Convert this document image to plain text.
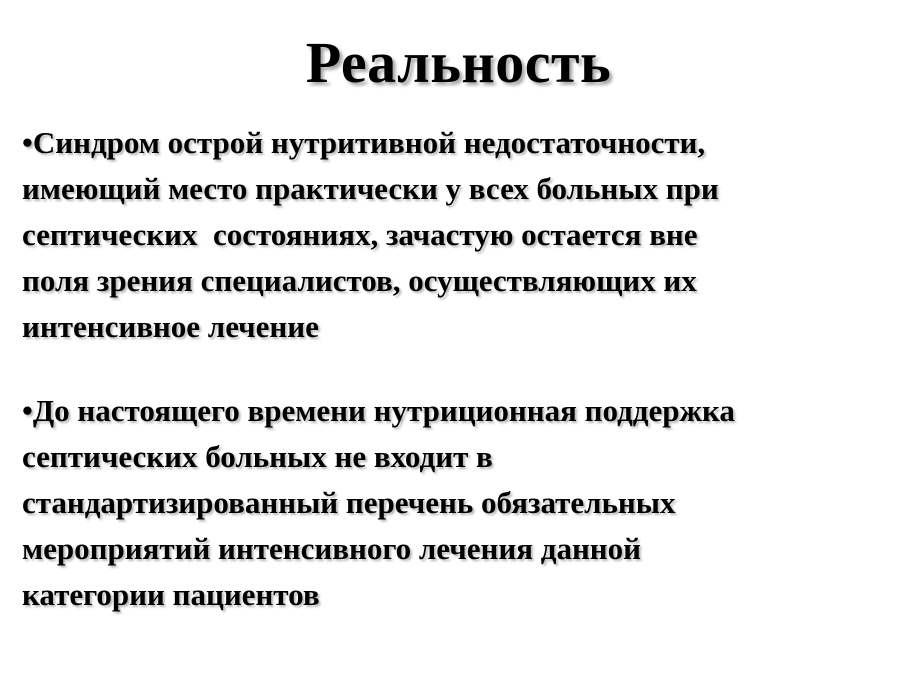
Реальность
•Синдром острой нутритивной недостаточности,
имеющий место практически у всех больных при
септических  состояниях, зачастую остается вне
поля зрения специалистов, осуществляющих их
интенсивное лечение
•До настоящего времени нутриционная поддержка
септических больных не входит в
стандартизированный перечень обязательных
мероприятий интенсивного лечения данной
категории пациентов
